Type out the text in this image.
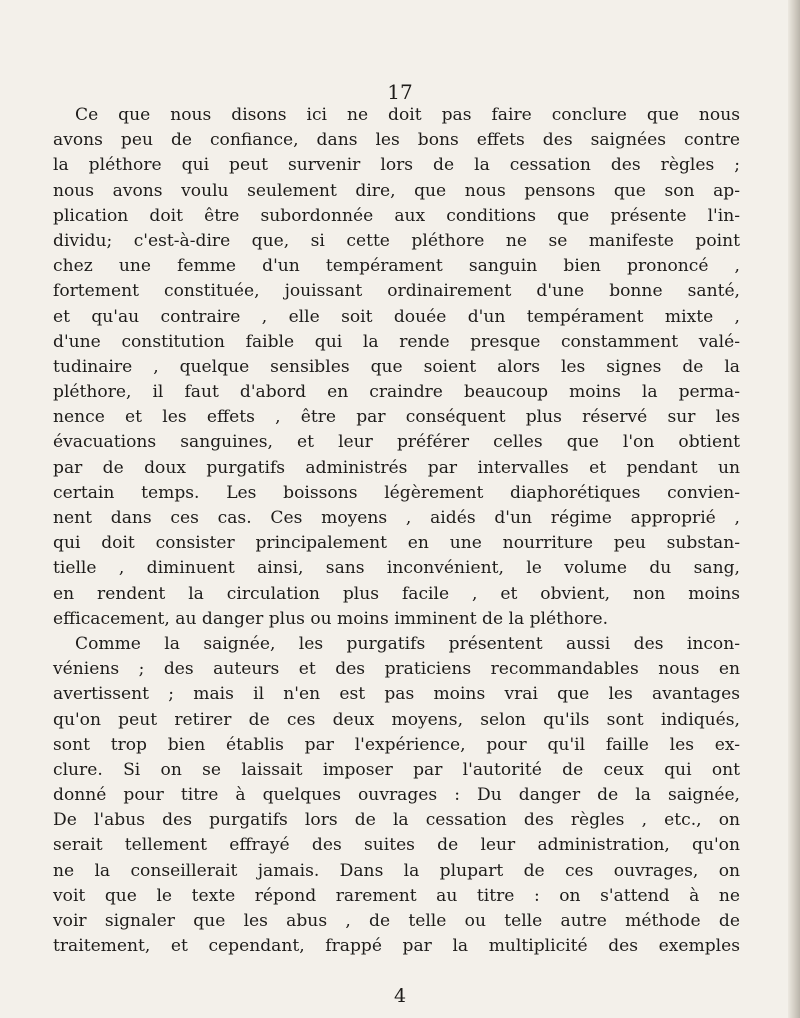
17
Ce que nous disons ici ne doit pas faire conclure que nous
avons peu de confiance, dans les bons effets des saignées contre
la pléthore qui peut survenir lors de la cessation des règles ;
nous avons voulu seulement dire, que nous pensons que son ap-
plication doit être subordonnée aux conditions que présente l'in-
dividu; c'est-à-dire que, si cette pléthore ne se manifeste point
chez une femme d'un tempérament sanguin bien prononcé ,
fortement constituée, jouissant ordinairement d'une bonne santé,
et qu'au contraire , elle soit douée d'un tempérament mixte ,
d'une constitution faible qui la rende presque constamment valé-
tudinaire , quelque sensibles que soient alors les signes de la
pléthore, il faut d'abord en craindre beaucoup moins la perma-
nence et les effets , être par conséquent plus réservé sur les
évacuations sanguines, et leur préférer celles que l'on obtient
par de doux purgatifs administrés par intervalles et pendant un
certain temps. Les boissons légèrement diaphorétiques convien-
nent dans ces cas. Ces moyens , aidés d'un régime approprié ,
qui doit consister principalement en une nourriture peu substan-
tielle , diminuent ainsi, sans inconvénient, le volume du sang,
en rendent la circulation plus facile , et obvient, non moins
efficacement, au danger plus ou moins imminent de la pléthore.
Comme la saignée, les purgatifs présentent aussi des incon-
véniens ; des auteurs et des praticiens recommandables nous en
avertissent ; mais il n'en est pas moins vrai que les avantages
qu'on peut retirer de ces deux moyens, selon qu'ils sont indiqués,
sont trop bien établis par l'expérience, pour qu'il faille les ex-
clure. Si on se laissait imposer par l'autorité de ceux qui ont
donné pour titre à quelques ouvrages : Du danger de la saignée,
De l'abus des purgatifs lors de la cessation des règles , etc., on
serait tellement effrayé des suites de leur administration, qu'on
ne la conseillerait jamais. Dans la plupart de ces ouvrages, on
voit que le texte répond rarement au titre : on s'attend à ne
voir signaler que les abus , de telle ou telle autre méthode de
traitement, et cependant, frappé par la multiplicité des exemples
4
